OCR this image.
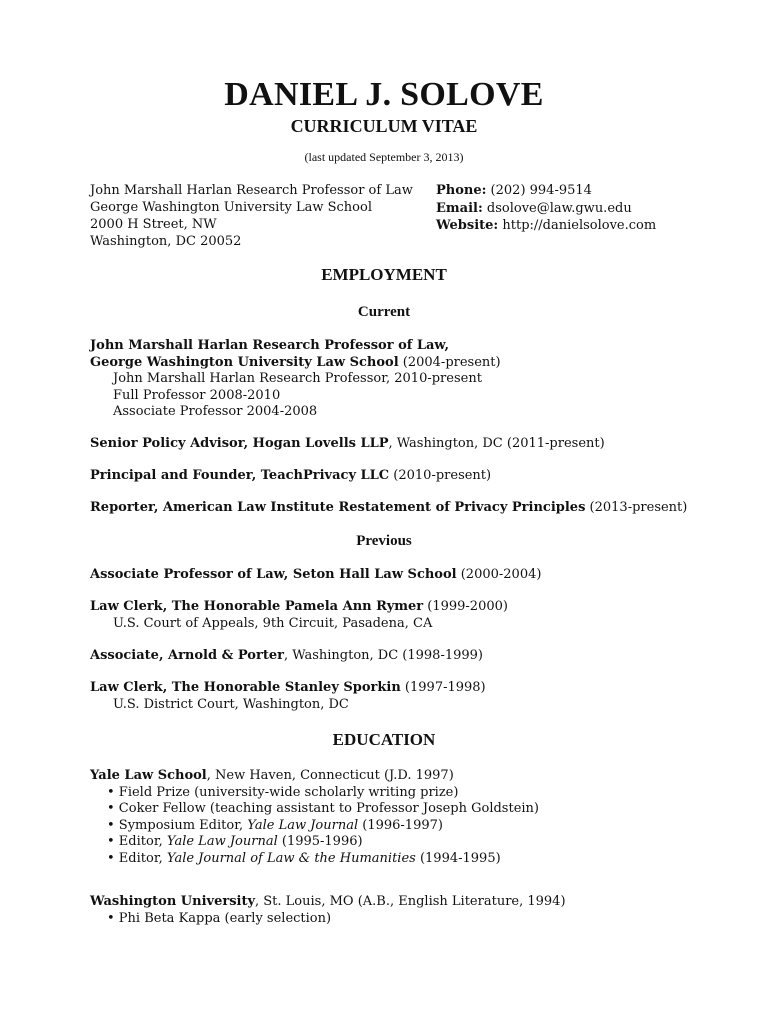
DANIEL J. SOLOVE
CURRICULUM VITAE
(last updated September 3, 2013)
John Marshall Harlan Research Professor of Law
George Washington University Law School
2000 H Street, NW
Washington, DC 20052
Phone: (202) 994-9514
Email: dsolove@law.gwu.edu
Website: http://danielsolove.com
EMPLOYMENT
Current
John Marshall Harlan Research Professor of Law,
George Washington University Law School (2004-present)
John Marshall Harlan Research Professor, 2010-present
Full Professor 2008-2010
Associate Professor 2004-2008
Senior Policy Advisor, Hogan Lovells LLP, Washington, DC (2011-present)
Principal and Founder, TeachPrivacy LLC (2010-present)
Reporter, American Law Institute Restatement of Privacy Principles (2013-present)
Previous
Associate Professor of Law, Seton Hall Law School (2000-2004)
Law Clerk, The Honorable Pamela Ann Rymer (1999-2000)
U.S. Court of Appeals, 9th Circuit, Pasadena, CA
Associate, Arnold & Porter, Washington, DC (1998-1999)
Law Clerk, The Honorable Stanley Sporkin (1997-1998)
U.S. District Court, Washington, DC
EDUCATION
Yale Law School, New Haven, Connecticut (J.D. 1997)
• Field Prize (university-wide scholarly writing prize)
• Coker Fellow (teaching assistant to Professor Joseph Goldstein)
• Symposium Editor, Yale Law Journal (1996-1997)
• Editor, Yale Law Journal (1995-1996)
• Editor, Yale Journal of Law & the Humanities (1994-1995)
Washington University, St. Louis, MO (A.B., English Literature, 1994)
• Phi Beta Kappa (early selection)
